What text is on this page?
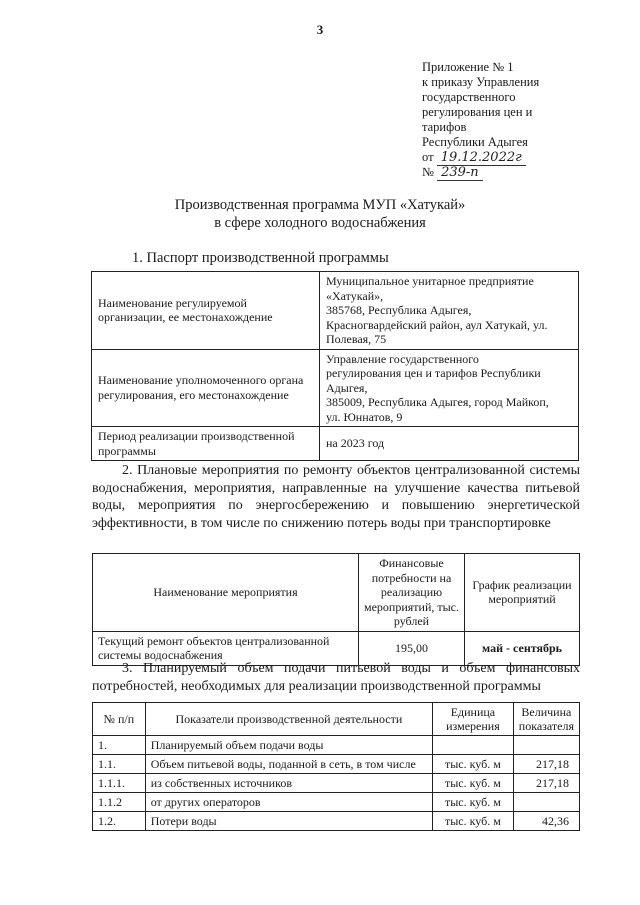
3
Приложение № 1
к приказу Управления
государственного
регулирования цен и
тарифов
Республики Адыгея
от 19.12.2022г
№ 239-п
Производственная программа МУП «Хатукай»
в сфере холодного водоснабжения
1. Паспорт производственной программы
Наименование регулируемой организации, ее местонахождение	Муниципальное унитарное предприятие
«Хатукай»,
385768, Республика Адыгея,
Красногвардейский район, аул Хатукай, ул.
Полевая, 75

Наименование уполномоченного органа регулирования, его местонахождение	Управление государственного
регулирования цен и тарифов Республики
Адыгея,
385009, Республика Адыгея, город Майкоп,
ул. Юннатов, 9

Период реализации производственной программы	на 2023 год
2. Плановые мероприятия по ремонту объектов централизованной системы водоснабжения, мероприятия, направленные на улучшение качества питьевой воды, мероприятия по энергосбережению и повышению энергетической эффективности, в том числе по снижению потерь воды при транспортировке
Наименование мероприятия	Финансовые потребности на реализацию мероприятий, тыс. рублей	График реализации мероприятий
Текущий ремонт объектов централизованной системы водоснабжения	195,00	май - сентябрь
3. Планируемый объем подачи питьевой воды и объем финансовых потребностей, необходимых для реализации производственной программы
№ п/п	Показатели производственной деятельности	Единица измерения	Величина показателя
1.	Планируемый объем подачи воды		
1.1.	Объем питьевой воды, поданной в сеть, в том числе	тыс. куб. м	217,18
1.1.1.	из собственных источников	тыс. куб. м	217,18
1.1.2	от других операторов	тыс. куб. м	
1.2.	Потери воды	тыс. куб. м	42,36
